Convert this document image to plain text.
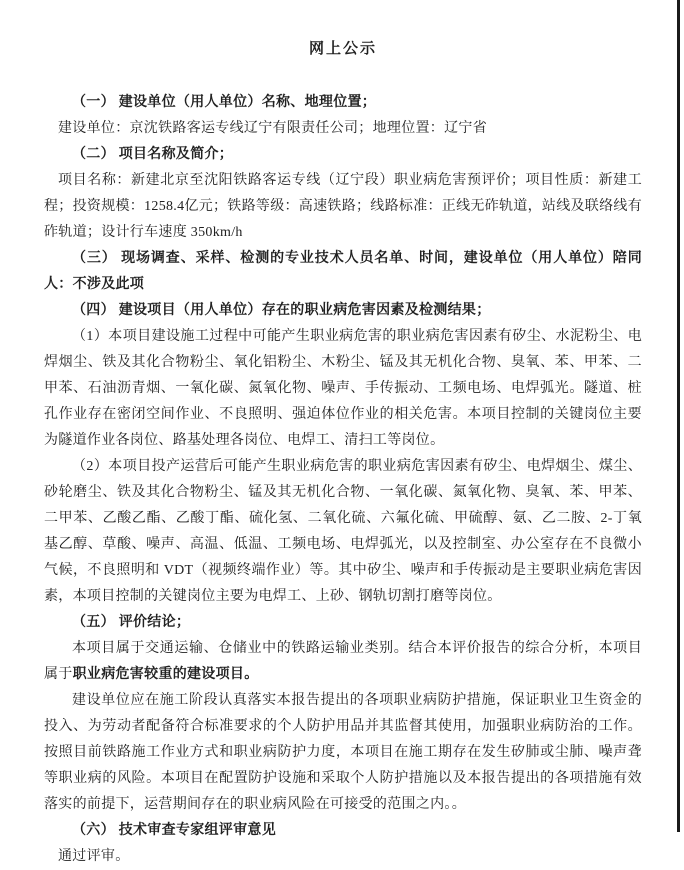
网上公示

（一） 建设单位（用人单位）名称、地理位置；

建设单位：京沈铁路客运专线辽宁有限责任公司；地理位置：辽宁省

（二） 项目名称及简介；

项目名称：新建北京至沈阳铁路客运专线（辽宁段）职业病危害预评价；项目性质：新建工程；投资规模：1258.4亿元；铁路等级：高速铁路；线路标准：正线无砟轨道，站线及联络线有砟轨道；设计行车速度 350km/h

（三） 现场调查、采样、检测的专业技术人员名单、时间，建设单位（用人单位）陪同人：不涉及此项

（四） 建设项目（用人单位）存在的职业病危害因素及检测结果；

（1）本项目建设施工过程中可能产生职业病危害的职业病危害因素有矽尘、水泥粉尘、电焊烟尘、铁及其化合物粉尘、氧化铝粉尘、木粉尘、锰及其无机化合物、臭氧、苯、甲苯、二甲苯、石油沥青烟、一氧化碳、氮氧化物、噪声、手传振动、工频电场、电焊弧光。隧道、桩孔作业存在密闭空间作业、不良照明、强迫体位作业的相关危害。本项目控制的关键岗位主要为隧道作业各岗位、路基处理各岗位、电焊工、清扫工等岗位。

（2）本项目投产运营后可能产生职业病危害的职业病危害因素有矽尘、电焊烟尘、煤尘、砂轮磨尘、铁及其化合物粉尘、锰及其无机化合物、一氧化碳、氮氧化物、臭氧、苯、甲苯、二甲苯、乙酸乙酯、乙酸丁酯、硫化氢、二氧化硫、六氟化硫、甲硫醇、氨、乙二胺、2-丁氧基乙醇、草酸、噪声、高温、低温、工频电场、电焊弧光，以及控制室、办公室存在不良微小气候，不良照明和 VDT（视频终端作业）等。其中矽尘、噪声和手传振动是主要职业病危害因素，本项目控制的关键岗位主要为电焊工、上砂、钢轨切割打磨等岗位。

（五） 评价结论；

本项目属于交通运输、仓储业中的铁路运输业类别。结合本评价报告的综合分析，本项目属于职业病危害较重的建设项目。

建设单位应在施工阶段认真落实本报告提出的各项职业病防护措施，保证职业卫生资金的投入、为劳动者配备符合标准要求的个人防护用品并其监督其使用，加强职业病防治的工作。按照目前铁路施工作业方式和职业病防护力度，本项目在施工期存在发生矽肺或尘肺、噪声聋等职业病的风险。本项目在配置防护设施和采取个人防护措施以及本报告提出的各项措施有效落实的前提下，运营期间存在的职业病风险在可接受的范围之内。。

（六） 技术审查专家组评审意见

通过评审。
